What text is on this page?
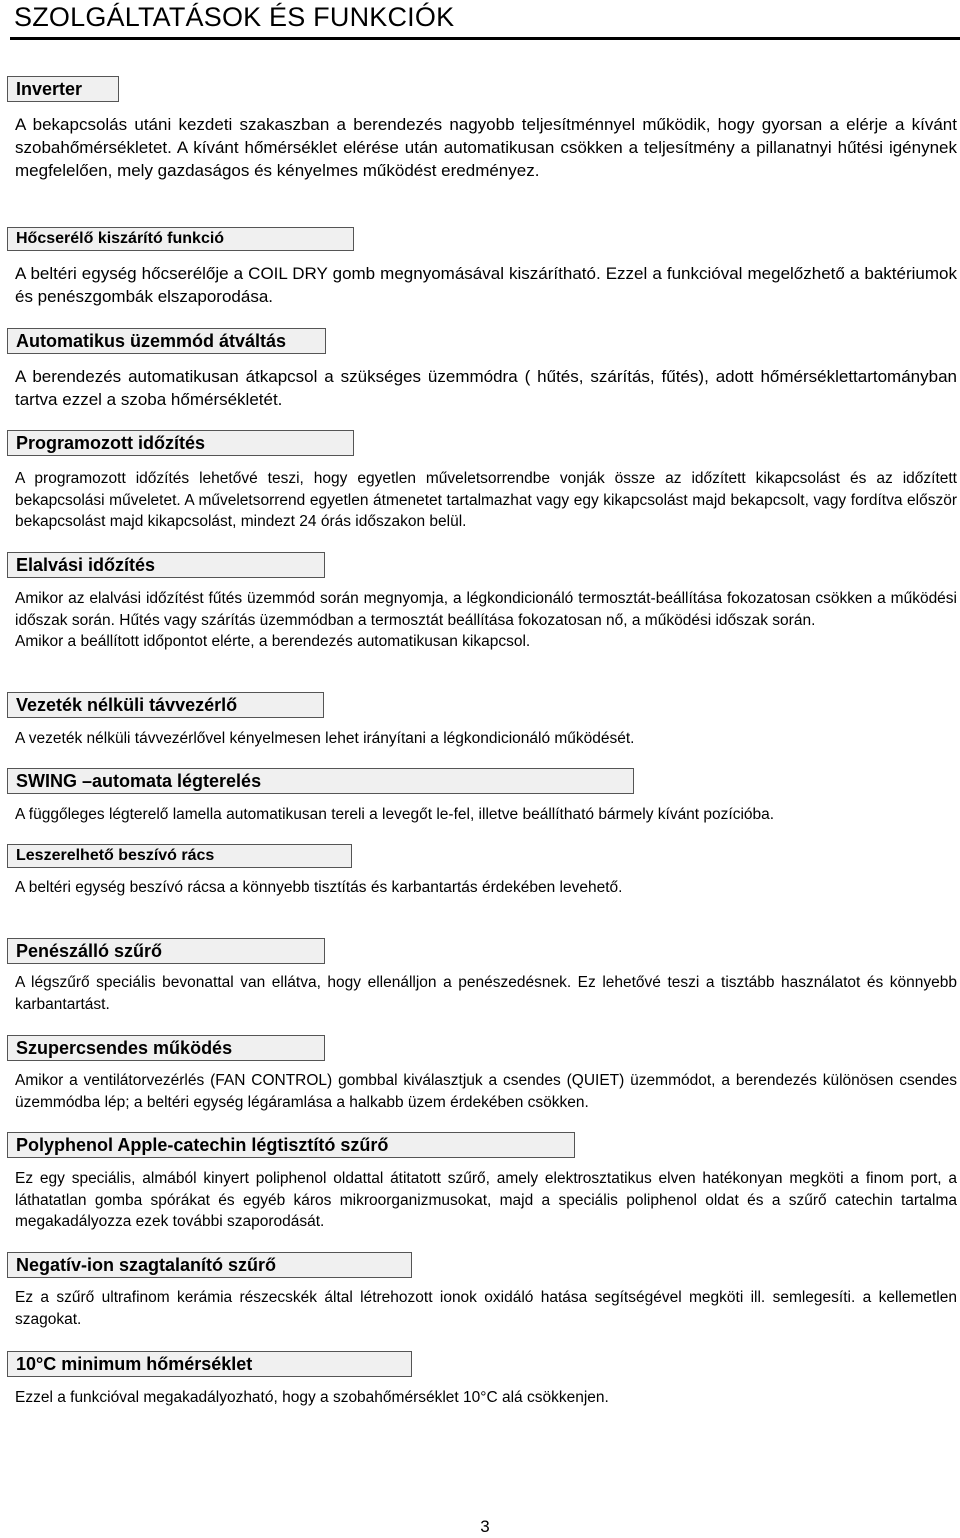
SZOLGÁLTATÁSOK ÉS FUNKCIÓK
Inverter

A bekapcsolás utáni kezdeti szakaszban a berendezés nagyobb teljesítménnyel működik, hogy gyorsan a elérje a kívánt szobahőmérsékletet. A kívánt hőmérséklet elérése után automatikusan csökken a teljesítmény a pillanatnyi hűtési igénynek megfelelően, mely gazdaságos és kényelmes működést eredményez.

Hőcserélő kiszárító funkció

A beltéri egység hőcserélője a COIL DRY gomb megnyomásával kiszárítható. Ezzel a funkcióval megelőzhető a baktériumok és penészgombák elszaporodása.

Automatikus üzemmód átváltás

A berendezés automatikusan átkapcsol a szükséges üzemmódra ( hűtés, szárítás, fűtés), adott hőmérséklettartományban tartva ezzel a szoba hőmérsékletét.

Programozott időzítés

A programozott időzítés lehetővé teszi, hogy egyetlen műveletsorrendbe vonják össze az időzített kikapcsolást és az időzített bekapcsolási műveletet. A műveletsorrend egyetlen átmenetet tartalmazhat vagy egy kikapcsolást majd bekapcsolt, vagy fordítva először bekapcsolást majd kikapcsolást, mindezt 24 órás időszakon belül.

Elalvási időzítés

Amikor az elalvási időzítést fűtés üzemmód során megnyomja, a légkondicionáló termosztát-beállítása fokozatosan csökken a működési időszak során. Hűtés vagy szárítás üzemmódban a termosztát beállítása fokozatosan nő, a működési időszak során.

Amikor a beállított időpontot elérte, a berendezés automatikusan kikapcsol.

Vezeték nélküli távvezérlő

A vezeték nélküli távvezérlővel kényelmesen lehet irányítani a légkondicionáló működését.

SWING –automata légterelés

A függőleges légterelő lamella automatikusan tereli a levegőt le-fel, illetve beállítható bármely kívánt pozícióba.

Leszerelhető beszívó rács

A beltéri egység beszívó rácsa a könnyebb tisztítás és karbantartás érdekében levehető.

Penészálló szűrő

A légszűrő speciális bevonattal van ellátva, hogy ellenálljon a penészedésnek. Ez lehetővé teszi a tisztább használatot és könnyebb karbantartást.

Szupercsendes működés

Amikor a ventilátorvezérlés (FAN CONTROL) gombbal kiválasztjuk a csendes (QUIET) üzemmódot, a berendezés különösen csendes üzemmódba lép; a beltéri egység légáramlása a halkabb üzem érdekében csökken.

Polyphenol Apple-catechin légtisztító szűrő

Ez egy speciális, almából kinyert poliphenol oldattal átitatott szűrő, amely elektrosztatikus elven hatékonyan megköti a finom port, a láthatatlan gomba spórákat és egyéb káros mikroorganizmusokat, majd a speciális poliphenol oldat és a szűrő catechin tartalma megakadályozza ezek további szaporodását.

Negatív-ion szagtalanító szűrő

Ez a szűrő ultrafinom kerámia részecskék által létrehozott ionok oxidáló hatása segítségével megköti ill. semlegesíti. a kellemetlen szagokat.

10°C minimum hőmérséklet

Ezzel a funkcióval megakadályozható, hogy a szobahőmérséklet 10°C alá csökkenjen.

3
